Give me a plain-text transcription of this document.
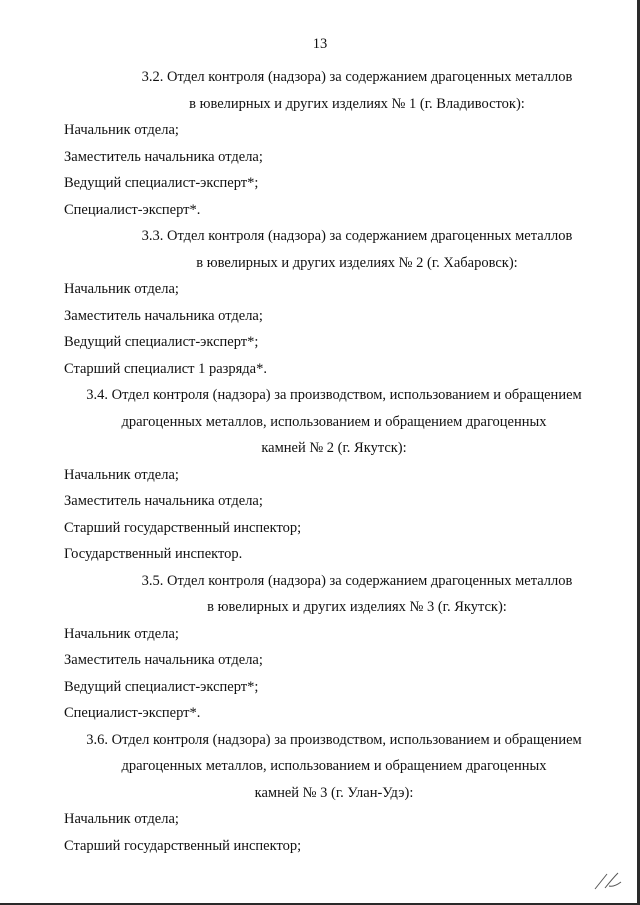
13
3.2. Отдел контроля (надзора) за содержанием драгоценных металлов
в ювелирных и других изделиях № 1 (г. Владивосток):
Начальник отдела;
Заместитель начальника отдела;
Ведущий специалист-эксперт*;
Специалист-эксперт*.
3.3. Отдел контроля (надзора) за содержанием драгоценных металлов
в ювелирных и других изделиях № 2 (г. Хабаровск):
Начальник отдела;
Заместитель начальника отдела;
Ведущий специалист-эксперт*;
Старший специалист 1 разряда*.
3.4. Отдел контроля (надзора) за производством, использованием и обращением
драгоценных металлов, использованием и обращением драгоценных
камней № 2 (г. Якутск):
Начальник отдела;
Заместитель начальника отдела;
Старший государственный инспектор;
Государственный инспектор.
3.5. Отдел контроля (надзора) за содержанием драгоценных металлов
в ювелирных и других изделиях № 3 (г. Якутск):
Начальник отдела;
Заместитель начальника отдела;
Ведущий специалист-эксперт*;
Специалист-эксперт*.
3.6. Отдел контроля (надзора) за производством, использованием и обращением
драгоценных металлов, использованием и обращением драгоценных
камней № 3 (г. Улан-Удэ):
Начальник отдела;
Старший государственный инспектор;
